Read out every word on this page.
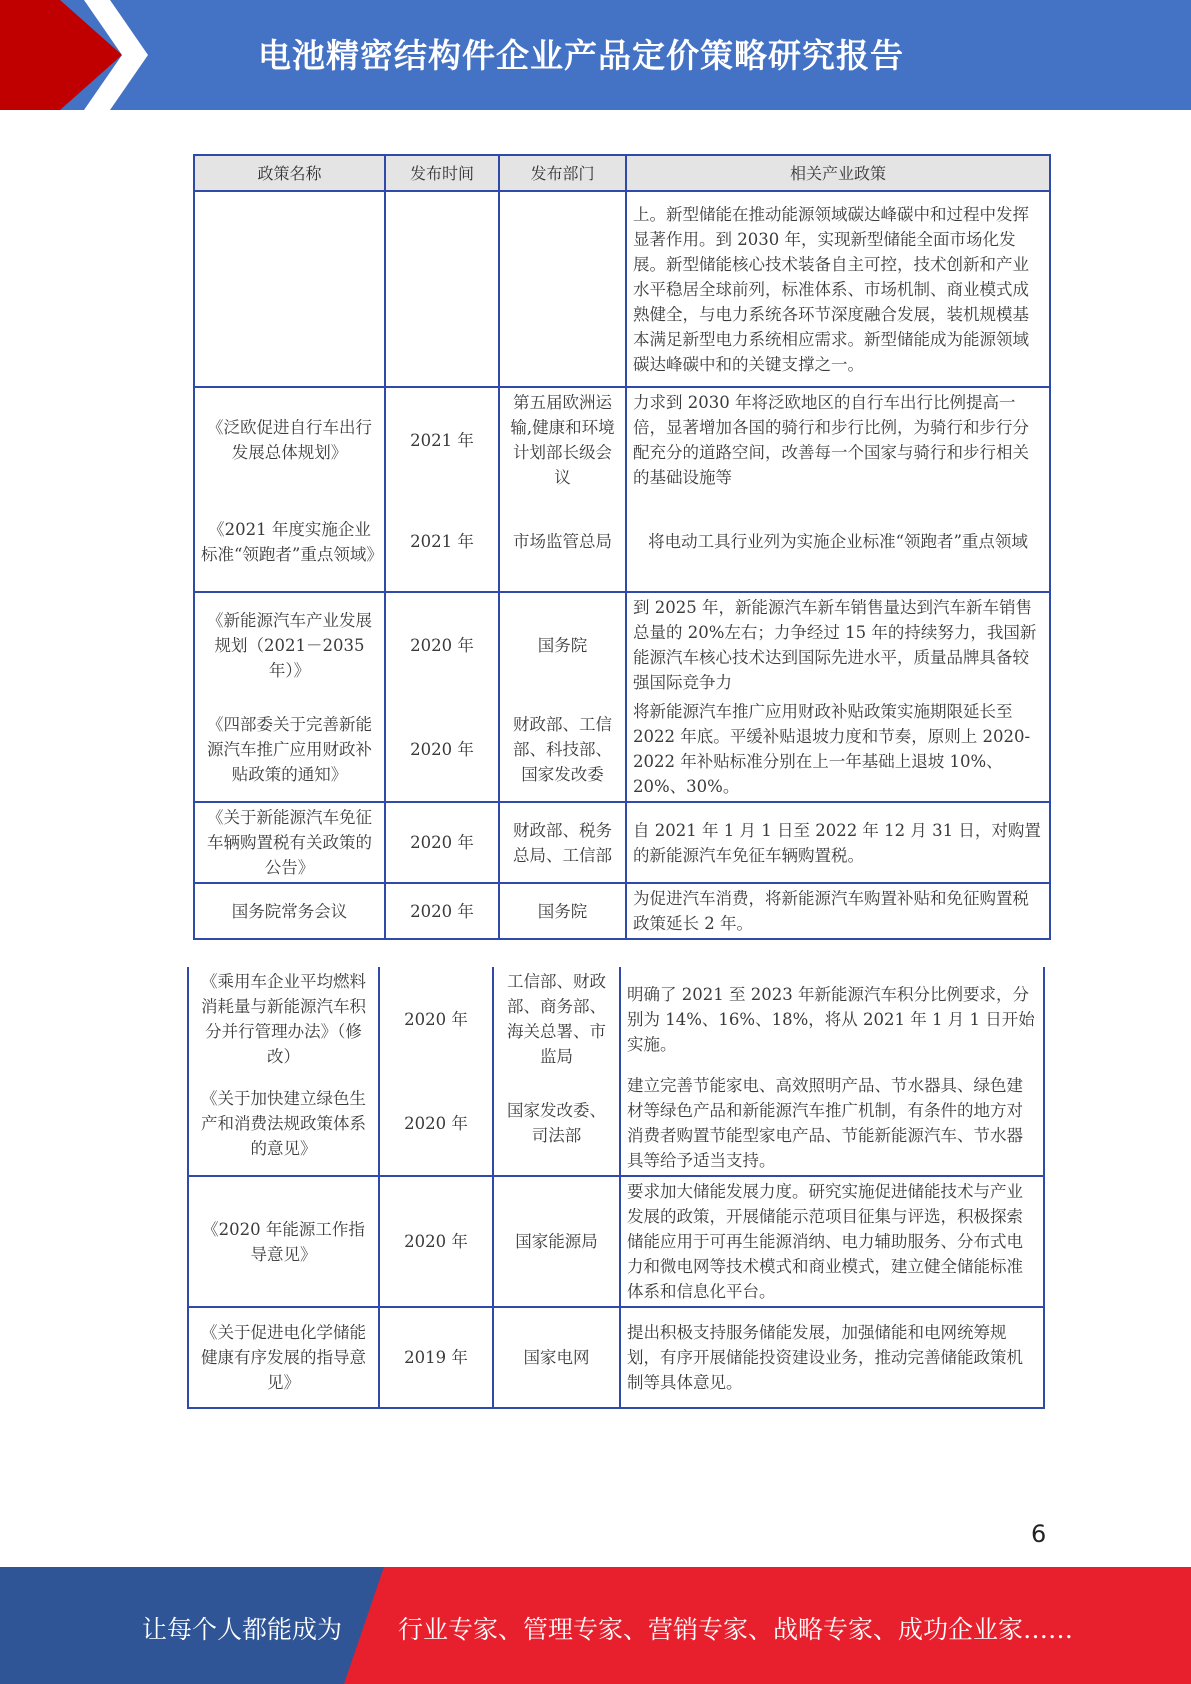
电池精密结构件企业产品定价策略研究报告
政策名称	发布时间	发布部门	相关产业政策
			上。新型储能在推动能源领域碳达峰碳中和过程中发挥显著作用。到 2030 年，实现新型储能全面市场化发展。新型储能核心技术装备自主可控，技术创新和产业水平稳居全球前列，标准体系、市场机制、商业模式成熟健全，与电力系统各环节深度融合发展，装机规模基本满足新型电力系统相应需求。新型储能成为能源领域碳达峰碳中和的关键支撑之一。
《泛欧促进自行车出行发展总体规划》	2021 年	第五届欧洲运输,健康和环境计划部长级会议	力求到 2030 年将泛欧地区的自行车出行比例提高一倍，显著增加各国的骑行和步行比例，为骑行和步行分配充分的道路空间，改善每一个国家与骑行和步行相关的基础设施等
《2021 年度实施企业标准“领跑者”重点领域》	2021 年	市场监管总局	将电动工具行业列为实施企业标准“领跑者”重点领域
《新能源汽车产业发展规划（2021－2035 年）》	2020 年	国务院	到 2025 年，新能源汽车新车销售量达到汽车新车销售总量的 20%左右；力争经过 15 年的持续努力，我国新能源汽车核心技术达到国际先进水平，质量品牌具备较强国际竞争力
《四部委关于完善新能源汽车推广应用财政补贴政策的通知》	2020 年	财政部、工信部、科技部、国家发改委	将新能源汽车推广应用财政补贴政策实施期限延长至 2022 年底。平缓补贴退坡力度和节奏，原则上 2020-2022 年补贴标准分别在上一年基础上退坡 10%、20%、30%。
《关于新能源汽车免征车辆购置税有关政策的公告》	2020 年	财政部、税务总局、工信部	自 2021 年 1 月 1 日至 2022 年 12 月 31 日，对购置的新能源汽车免征车辆购置税。
国务院常务会议	2020 年	国务院	为促进汽车消费，将新能源汽车购置补贴和免征购置税政策延长 2 年。
《乘用车企业平均燃料消耗量与新能源汽车积分并行管理办法》（修改）	2020 年	工信部、财政部、商务部、海关总署、市监局	明确了 2021 至 2023 年新能源汽车积分比例要求，分别为 14%、16%、18%，将从 2021 年 1 月 1 日开始实施。
《关于加快建立绿色生产和消费法规政策体系的意见》	2020 年	国家发改委、司法部	建立完善节能家电、高效照明产品、节水器具、绿色建材等绿色产品和新能源汽车推广机制，有条件的地方对消费者购置节能型家电产品、节能新能源汽车、节水器具等给予适当支持。
《2020 年能源工作指导意见》	2020 年	国家能源局	要求加大储能发展力度。研究实施促进储能技术与产业发展的政策，开展储能示范项目征集与评选，积极探索储能应用于可再生能源消纳、电力辅助服务、分布式电力和微电网等技术模式和商业模式，建立健全储能标准体系和信息化平台。
《关于促进电化学储能健康有序发展的指导意见》	2019 年	国家电网	提出积极支持服务储能发展，加强储能和电网统筹规划，有序开展储能投资建设业务，推动完善储能政策机制等具体意见。
6
让每个人都能成为 行业专家、管理专家、营销专家、战略专家、成功企业家……
